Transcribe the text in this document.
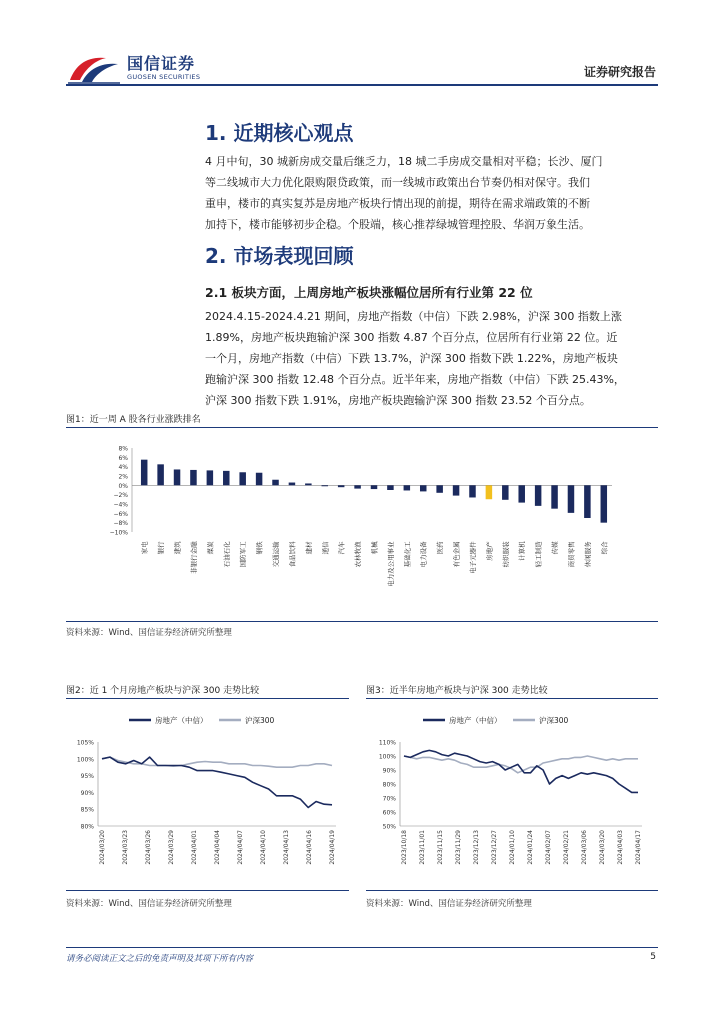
国信证券
GUOSEN SECURITIES	证券研究报告
1. 近期核心观点
4 月中旬，30 城新房成交量后继乏力，18 城二手房成交量相对平稳；长沙、厦门
等二线城市大力优化限购限贷政策，而一线城市政策出台节奏仍相对保守。我们
重申，楼市的真实复苏是房地产板块行情出现的前提，期待在需求端政策的不断
加持下，楼市能够初步企稳。个股端，核心推荐绿城管理控股、华润万象生活。
2. 市场表现回顾
2.1 板块方面，上周房地产板块涨幅位居所有行业第 22 位
2024.4.15-2024.4.21 期间，房地产指数（中信）下跌 2.98%，沪深 300 指数上涨
1.89%，房地产板块跑输沪深 300 指数 4.87 个百分点，位居所有行业第 22 位。近
一个月，房地产指数（中信）下跌 13.7%，沪深 300 指数下跌 1.22%，房地产板块
跑输沪深 300 指数 12.48 个百分点。近半年来，房地产指数（中信）下跌 25.43%，
沪深 300 指数下跌 1.91%，房地产板块跑输沪深 300 指数 23.52 个百分点。
图1：近一周 A 股各行业涨跌排名
8%
6%
4%
2%
0%
−2%
−4%
−6%
−8%
−10%
家电 银行 建筑 非银行金融 煤炭 石油石化 国防军工 钢铁 交通运输 食品饮料 建材 通信 汽车 农林牧渔 机械 电力及公用事业 基础化工 电力设备 医药 有色金属 电子元器件 房地产 纺织服装 计算机 轻工制造 传媒 商贸零售 休闲服务 综合
资料来源：Wind、国信证券经济研究所整理
图2：近 1 个月房地产板块与沪深 300 走势比较
房地产（中信）	沪深300
105%
100%
95%
90%
85%
80%
2024/03/20	2024/03/23	2024/03/26	2024/03/29	2024/04/01	2024/04/04	2024/04/07	2024/04/10	2024/04/13	2024/04/16	2024/04/19
资料来源：Wind、国信证券经济研究所整理
图3：近半年房地产板块与沪深 300 走势比较
房地产（中信）	沪深300
110%
100%
90%
80%
70%
60%
50%
2023/10/18 2023/11/01 2023/11/15 2023/11/29 2023/12/13 2023/12/27 2024/01/10 2024/01/24 2024/02/07 2024/02/21 2024/03/06 2024/03/20 2024/04/03 2024/04/17
资料来源：Wind、国信证券经济研究所整理
请务必阅读正文之后的免责声明及其项下所有内容	5
